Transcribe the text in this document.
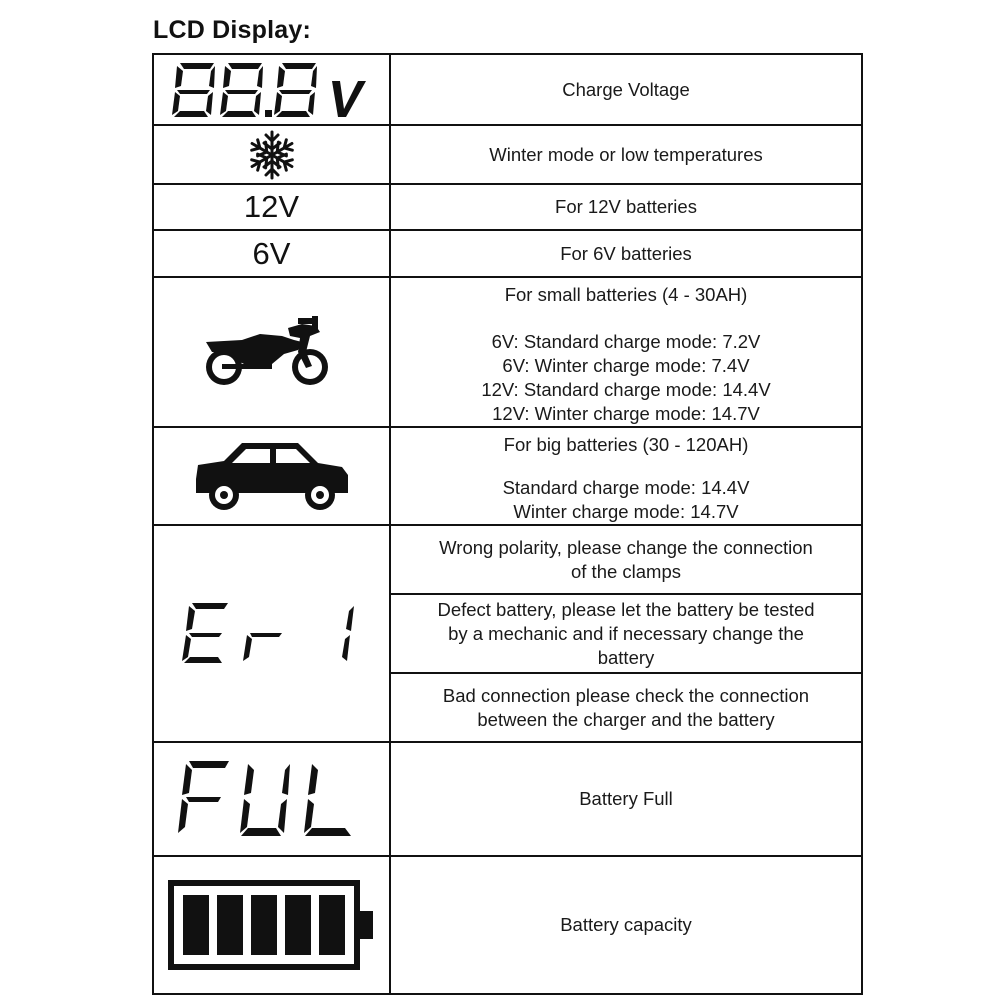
LCD Display:
Charge Voltage
Winter mode or low temperatures
12V	For 12V batteries
6V	For 6V batteries
For small batteries (4 - 30AH)
6V: Standard charge mode: 7.2V
6V: Winter charge mode: 7.4V
12V: Standard charge mode: 14.4V
12V: Winter charge mode: 14.7V
For big batteries (30 - 120AH)
Standard charge mode: 14.4V
Winter charge mode: 14.7V
Wrong polarity, please change the connection
of the clamps
Defect battery, please let the battery be tested
by a mechanic and if necessary change the
battery
Bad connection please check the connection
between the charger and the battery
Battery Full
Battery capacity
